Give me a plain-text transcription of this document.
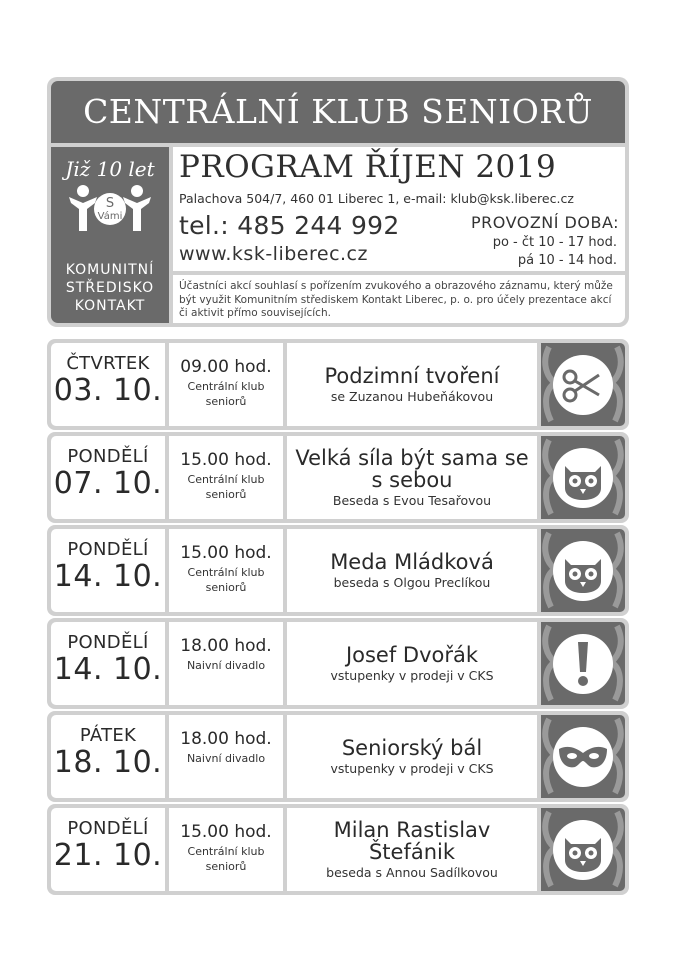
CENTRÁLNÍ KLUB SENIORŮ
Již 10 let
S
Vámi
KOMUNITNÍ
STŘEDISKO
KONTAKT
PROGRAM ŘÍJEN 2019
Palachova 504/7, 460 01 Liberec 1, e-mail: klub@ksk.liberec.cz
tel.: 485 244 992
www.ksk-liberec.cz
PROVOZNÍ DOBA:
po - čt 10 - 17 hod.
pá 10 - 14 hod.
Účastníci akcí souhlasí s pořízením zvukového a obrazového záznamu, který může být využit Komunitním střediskem Kontakt Liberec, p. o. pro účely prezentace akcí či aktivit přímo souvisejících.
ČTVRTEK
03. 10.
09.00 hod.
Centrální klub seniorů
Podzimní tvoření
se Zuzanou Hubeňákovou
PONDĚLÍ
07. 10.
15.00 hod.
Centrální klub seniorů
Velká síla být sama se s sebou
Beseda s Evou Tesařovou
PONDĚLÍ
14. 10.
15.00 hod.
Centrální klub seniorů
Meda Mládková
beseda s Olgou Preclíkou
PONDĚLÍ
14. 10.
18.00 hod.
Naivní divadlo	Josef Dvořák
vstupenky v prodeji v CKS
PÁTEK
18. 10.
18.00 hod.
Naivní divadlo	Seniorský bál
vstupenky v prodeji v CKS
PONDĚLÍ
21. 10.
15.00 hod.
Centrální klub seniorů
Milan Rastislav Štefánik
beseda s Annou Sadílkovou
